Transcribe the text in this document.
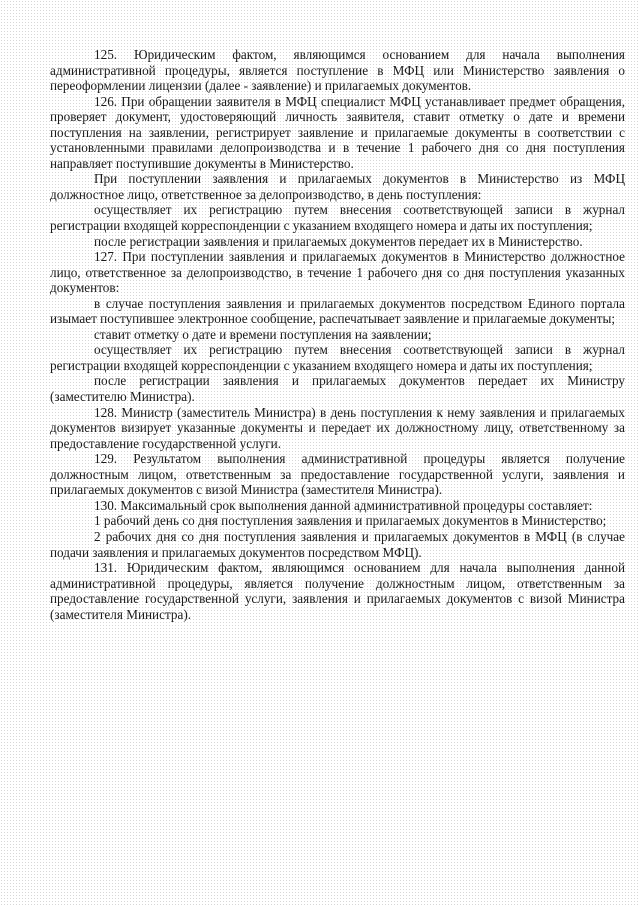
125. Юридическим фактом, являющимся основанием для начала выполнения административной процедуры, является поступление в МФЦ или Министерство заявления о переоформлении лицензии (далее - заявление) и прилагаемых документов.

126. При обращении заявителя в МФЦ специалист МФЦ устанавливает предмет обращения, проверяет документ, удостоверяющий личность заявителя, ставит отметку о дате и времени поступления на заявлении, регистрирует заявление и прилагаемые документы в соответствии с установленными правилами делопроизводства и в течение 1 рабочего дня со дня поступления направляет поступившие документы в Министерство.

При поступлении заявления и прилагаемых документов в Министерство из МФЦ должностное лицо, ответственное за делопроизводство, в день поступления:

осуществляет их регистрацию путем внесения соответствующей записи в журнал регистрации входящей корреспонденции с указанием входящего номера и даты их поступления;

после регистрации заявления и прилагаемых документов передает их в Министерство.

127. При поступлении заявления и прилагаемых документов в Министерство должностное лицо, ответственное за делопроизводство, в течение 1 рабочего дня со дня поступления указанных документов:

в случае поступления заявления и прилагаемых документов посредством Единого портала изымает поступившее электронное сообщение, распечатывает заявление и прилагаемые документы;

ставит отметку о дате и времени поступления на заявлении;

осуществляет их регистрацию путем внесения соответствующей записи в журнал регистрации входящей корреспонденции с указанием входящего номера и даты их поступления;

после регистрации заявления и прилагаемых документов передает их Министру (заместителю Министра).

128. Министр (заместитель Министра) в день поступления к нему заявления и прилагаемых документов визирует указанные документы и передает их должностному лицу, ответственному за предоставление государственной услуги.

129. Результатом выполнения административной процедуры является получение должностным лицом, ответственным за предоставление государственной услуги, заявления и прилагаемых документов с визой Министра (заместителя Министра).

130. Максимальный срок выполнения данной административной процедуры составляет:

1 рабочий день со дня поступления заявления и прилагаемых документов в Министерство;

2 рабочих дня со дня поступления заявления и прилагаемых документов в МФЦ (в случае подачи заявления и прилагаемых документов посредством МФЦ).

131. Юридическим фактом, являющимся основанием для начала выполнения данной административной процедуры, является получение должностным лицом, ответственным за предоставление государственной услуги, заявления и прилагаемых документов с визой Министра (заместителя Министра).
